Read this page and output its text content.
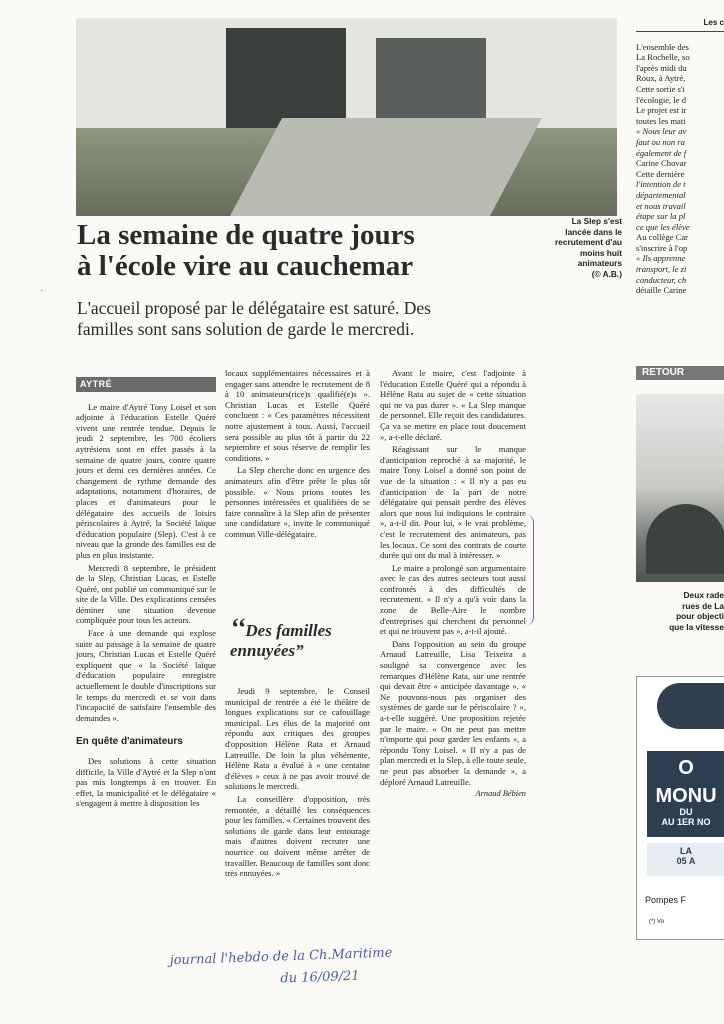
La Slep s'est
lancée dans le
recrutement d'au
moins huit
animateurs
(© A.B.)
La semaine de quatre jours
à l'école vire au cauchemar
L'accueil proposé par le délégataire est saturé. Des
familles sont sans solution de garde le mercredi.
·
AYTRÉ

Le maire d'Aytré Tony Loisel et son adjointe à l'éducation Estelle Quéré vivent une rentrée tendue. Depuis le jeudi 2 septembre, les 700 écoliers aytrésiens sont en effet passés à la semaine de quatre jours, contre quatre jours et demi ces dernières années. Ce changement de rythme demande des adaptations, notamment d'horaires, de places et d'animateurs pour le délégataire des accueils de loisirs périscolaires à Aytré, la Société laïque d'éducation populaire (Slep). C'est à ce niveau que la gronde des familles est de plus en plus insistante.

Mercredi 8 septembre, le président de la Slep, Christian Lucas, et Estelle Quéré, ont publié un communiqué sur le site de la Ville. Des explications censées déminer une situation devenue compliquée pour tous les acteurs.

Face à une demande qui explose suite au passage à la semaine de quatre jours, Christian Lucas et Estelle Quéré expliquent que « la Société laïque d'éducation populaire enregistre actuellement le double d'inscriptions sur le temps du mercredi et se voit dans l'incapacité de satisfaire l'ensemble des demandes ».

En quête d'animateurs

Des solutions à cette situation difficile, la Ville d'Aytré et la Slep n'ont pas mis longtemps à en trouver. En effet, la municipalité et le délégataire « s'engagent à mettre à disposition les

locaux supplémentaires nécessaires et à engager sans attendre le recrutement de 8 à 10 animateurs(rice)s qualifié(e)s ». Christian Lucas et Estelle Quéré concluent : « Ces paramètres nécessitent notre ajustement à tous. Aussi, l'accueil sera possible au plus tôt à partir du 22 septembre et sous réserve de remplir les conditions. »

La Slep cherche donc en urgence des animateurs afin d'être prête le plus tôt possible. « Nous prions toutes les personnes intéressées et qualifiées de se faire connaître à la Slep afin de présenter une candidature », invite le communiqué commun Ville-délégataire.

‘‘Des familles ennuyées”

Jeudi 9 septembre, le Conseil municipal de rentrée a été le théâtre de longues explications sur ce cafouillage municipal. Les élus de la majorité ont répondu aux critiques des groupes d'opposition Hélène Rata et Arnaud Latreuille. De loin la plus véhémente, Hélène Rata a évalué à « une centaine d'élèves » ceux à ne pas avoir trouvé de solutions le mercredi.

La conseillère d'opposition, très remontée, a détaillé les conséquences pour les familles. « Certaines trouvent des solutions de garde dans leur entourage mais d'autres doivent recruter une nourrice ou doivent même arrêter de travailler. Beaucoup de familles sont donc très ennuyées. »

Avant le maire, c'est l'adjointe à l'éducation Estelle Quéré qui a répondu à Hélène Rata au sujet de « cette situation qui ne va pas durer ». « La Slep manque de personnel. Elle reçoit des candidatures. Ça va se mettre en place tout doucement », a-t-elle déclaré.

Réagissant sur le manque d'anticipation reproché à sa majorité, le maire Tony Loisel a donné son point de vue de la situation : « Il n'y a pas eu d'anticipation de la part de notre délégataire qui pensait perdre des élèves alors que nous lui indiquions le contraire », a-t-il dit. Pour lui, « le vrai problème, c'est le recrutement des animateurs, pas les locaux. Ce sont des contrats de courte durée qui ont du mal à intéresser. »

Le maire a prolongé son argumentaire avec le cas des autres secteurs tout aussi confrontés à des difficultés de recrutement. « Il n'y a qu'à voir dans la zone de Belle-Aire le nombre d'entreprises qui cherchent du personnel et qui ne trouvent pas », a-t-il ajouté.

Dans l'opposition au sein du groupe Arnaud Latreuille, Lisa Teixeira a souligné sa convergence avec les remarques d'Hélène Rata, sur une rentrée qui devait être « anticipée davantage ». « Ne pouvons-nous pas organiser des systèmes de garde sur le périscolaire ? », a-t-elle suggéré. Une proposition rejetée par le maire. « On ne peut pas mettre n'importe qui pour garder les enfants », a répondu Tony Loisel. « Il n'y a pas de plan mercredi et la Slep, à elle toute seule, ne peut pas absorber la demande », a déploré Arnaud Latreuille.

Arnaud Bébien
journal l'hebdo de la Ch.Maritime
du 16/09/21
Les c
L'ensemble des
La Rochelle, so
l'après midi du
Roux, à Aytré,
Cette sortie s'i
l'écologie, le d
Le projet est ir
toutes les mati
« Nous leur av
faut ou non ra
également de f
Carine Chovar
Cette dernière
l'intention de t
départemental
et nous travail
étape sur la pl
ce que les élève
Au collège Car
s'inscrire à l'op
« Ils apprenne
transport, le zi
conducteur, ch
détaille Carine
RETOUR
Deux rade
rues de La
pour objecti
que la vitesse
O
MONU
DU
AU 1ER NO
LA
05 A
Pompes F
(*) Vo
